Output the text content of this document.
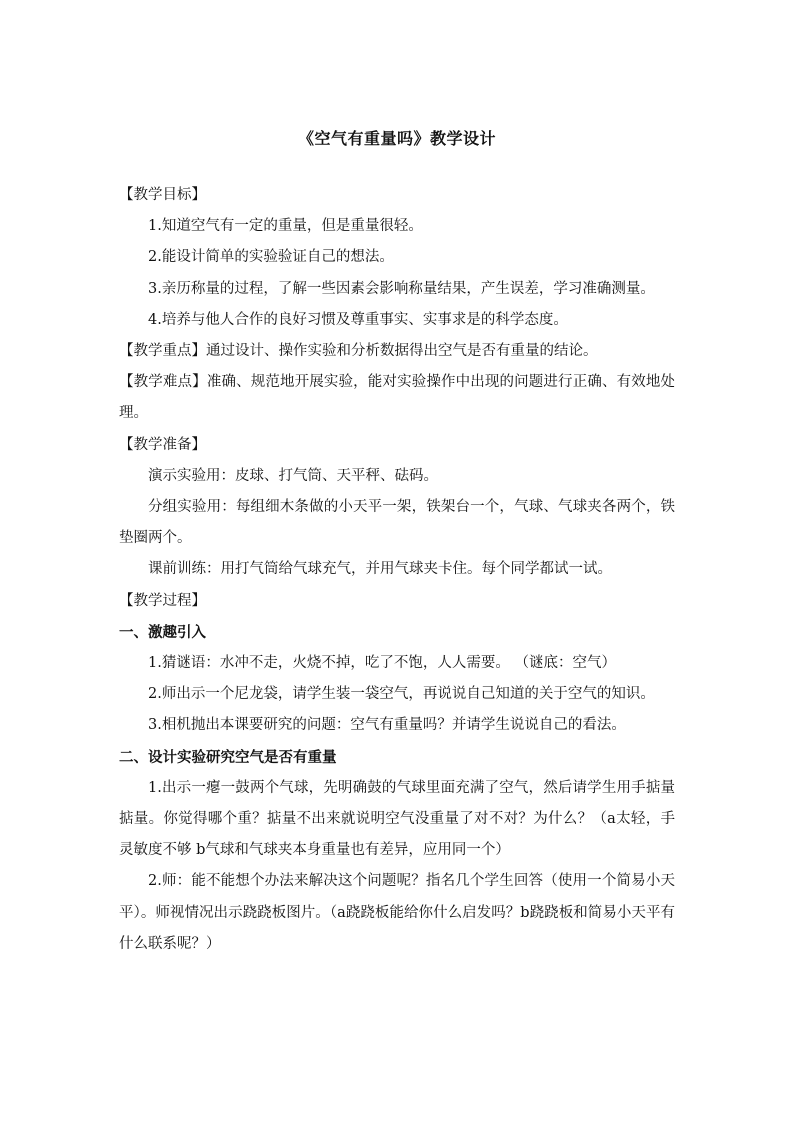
《空气有重量吗》教学设计

【教学目标】

1.知道空气有一定的重量，但是重量很轻。

2.能设计简单的实验验证自己的想法。

3.亲历称量的过程，了解一些因素会影响称量结果，产生误差，学习准确测量。

4.培养与他人合作的良好习惯及尊重事实、实事求是的科学态度。

【教学重点】通过设计、操作实验和分析数据得出空气是否有重量的结论。

【教学难点】准确、规范地开展实验，能对实验操作中出现的问题进行正确、有效地处理。

【教学准备】

演示实验用：皮球、打气筒、天平秤、砝码。

分组实验用：每组细木条做的小天平一架，铁架台一个，气球、气球夹各两个，铁垫圈两个。

课前训练：用打气筒给气球充气，并用气球夹卡住。每个同学都试一试。

【教学过程】

一、激趣引入

1.猜谜语：水冲不走，火烧不掉，吃了不饱，人人需要。 （谜底：空气）

2.师出示一个尼龙袋，请学生装一袋空气，再说说自己知道的关于空气的知识。

3.相机抛出本课要研究的问题：空气有重量吗？并请学生说说自己的看法。

二、设计实验研究空气是否有重量

1.出示一瘪一鼓两个气球，先明确鼓的气球里面充满了空气，然后请学生用手掂量掂量。你觉得哪个重？掂量不出来就说明空气没重量了对不对？为什么？（a太轻，手灵敏度不够 b气球和气球夹本身重量也有差异，应用同一个）

2.师：能不能想个办法来解决这个问题呢？指名几个学生回答（使用一个简易小天平）。师视情况出示跷跷板图片。（a跷跷板能给你什么启发吗？b跷跷板和简易小天平有什么联系呢？）
